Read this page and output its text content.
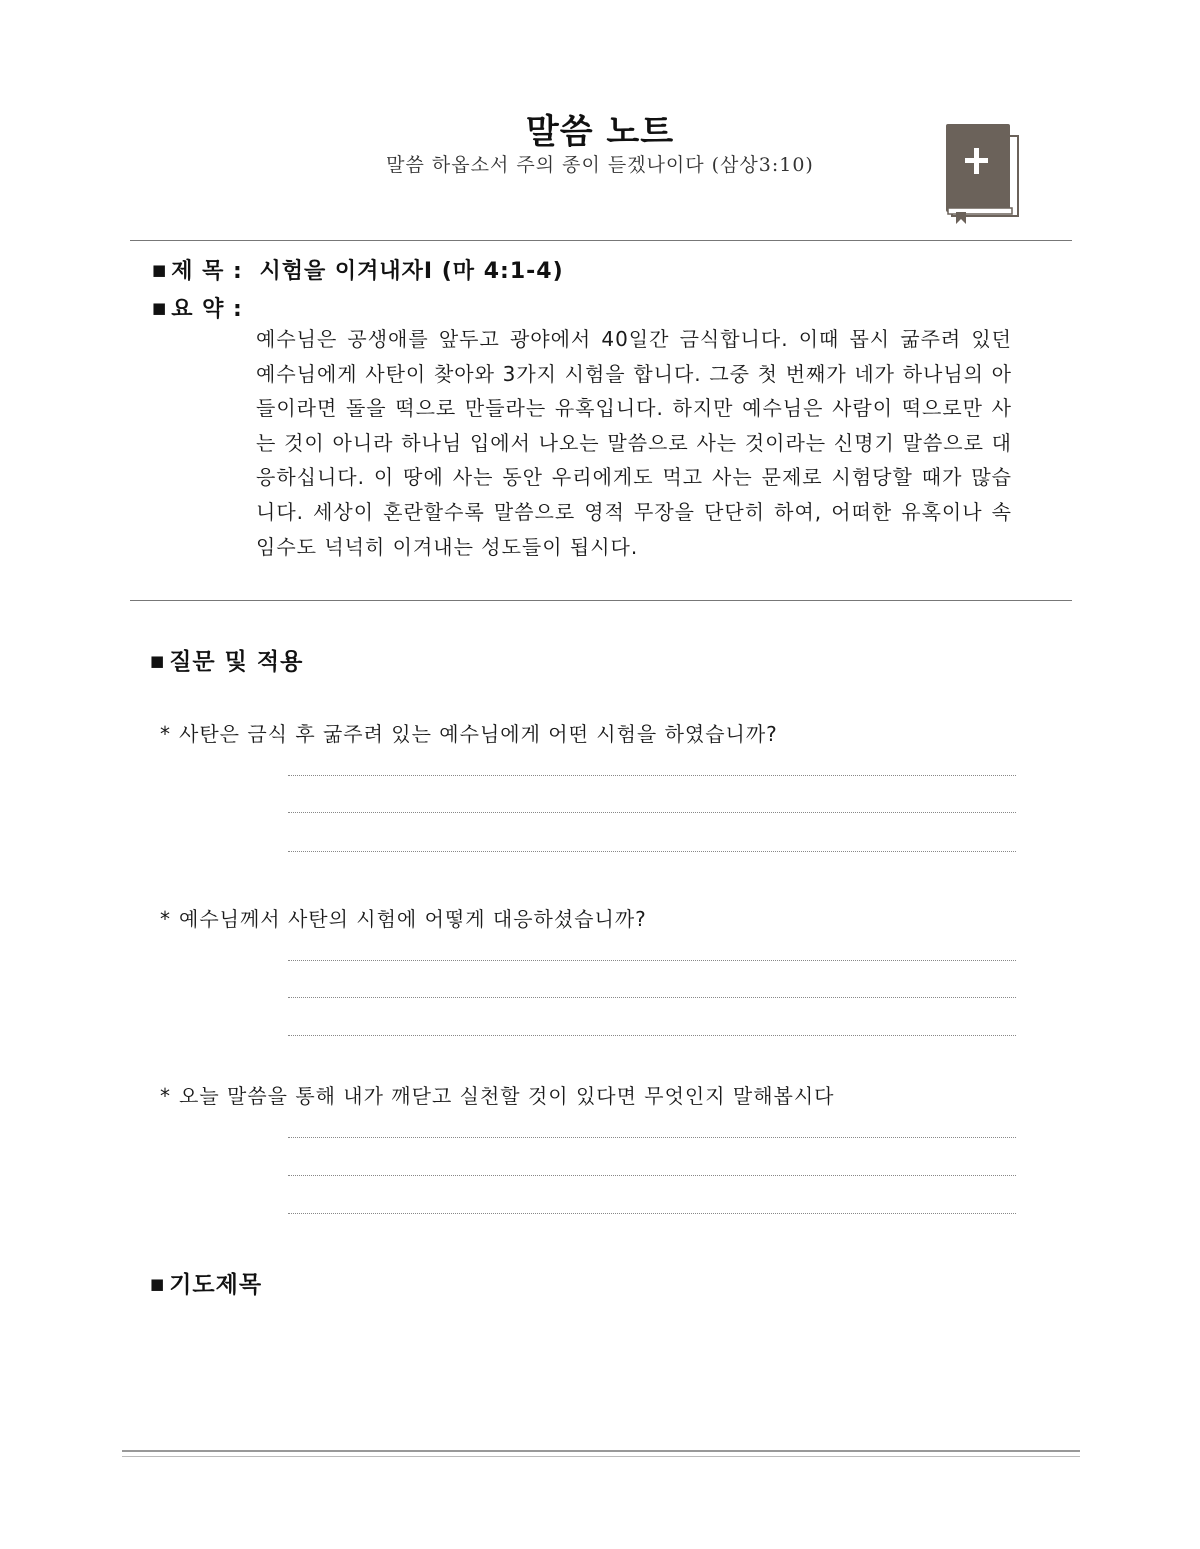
말씀 노트
말씀 하옵소서 주의 종이 듣겠나이다 (삼상3:10)
■ 제 목 : 시험을 이겨내자Ⅰ (마 4:1-4)
■ 요 약 :
예수님은 공생애를 앞두고 광야에서 40일간 금식합니다. 이때 몹시 굶주려 있던 예수님에게 사탄이 찾아와 3가지 시험을 합니다. 그중 첫 번째가 네가 하나님의 아들이라면 돌을 떡으로 만들라는 유혹입니다. 하지만 예수님은 사람이 떡으로만 사는 것이 아니라 하나님 입에서 나오는 말씀으로 사는 것이라는 신명기 말씀으로 대응하십니다. 이 땅에 사는 동안 우리에게도 먹고 사는 문제로 시험당할 때가 많습니다. 세상이 혼란할수록 말씀으로 영적 무장을 단단히 하여, 어떠한 유혹이나 속임수도 넉넉히 이겨내는 성도들이 됩시다.
■ 질문 및 적용
* 사탄은 금식 후 굶주려 있는 예수님에게 어떤 시험을 하였습니까?
* 예수님께서 사탄의 시험에 어떻게 대응하셨습니까?
* 오늘 말씀을 통해 내가 깨닫고 실천할 것이 있다면 무엇인지 말해봅시다
■ 기도제목
